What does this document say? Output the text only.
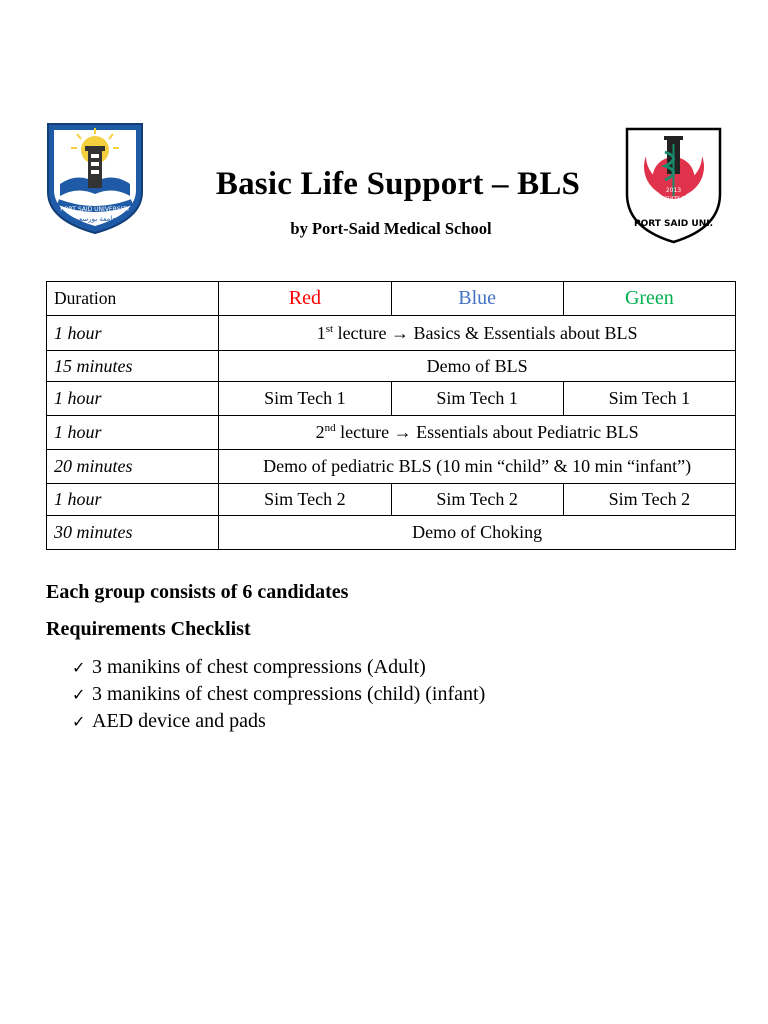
PORT SAID UNIVERSITY
جامعة بورسعيد
2013
FACULTY OF
MEDICINE
PORT SAID UNI.
Basic Life Support – BLS
by Port-Said Medical School
Duration	Red	Blue	Green
1 hour	1st lecture → Basics & Essentials about BLS		
15 minutes	Demo of BLS		
1 hour	Sim Tech 1	Sim Tech 1	Sim Tech 1
1 hour	2nd lecture → Essentials about Pediatric BLS		
20 minutes	Demo of pediatric BLS (10 min “child” & 10 min “infant”)		
1 hour	Sim Tech 2	Sim Tech 2	Sim Tech 2
30 minutes	Demo of Choking		
Each group consists of 6 candidates
Requirements Checklist
✓ 3 manikins of chest compressions (Adult)
✓ 3 manikins of chest compressions (child) (infant)
✓ AED device and pads
